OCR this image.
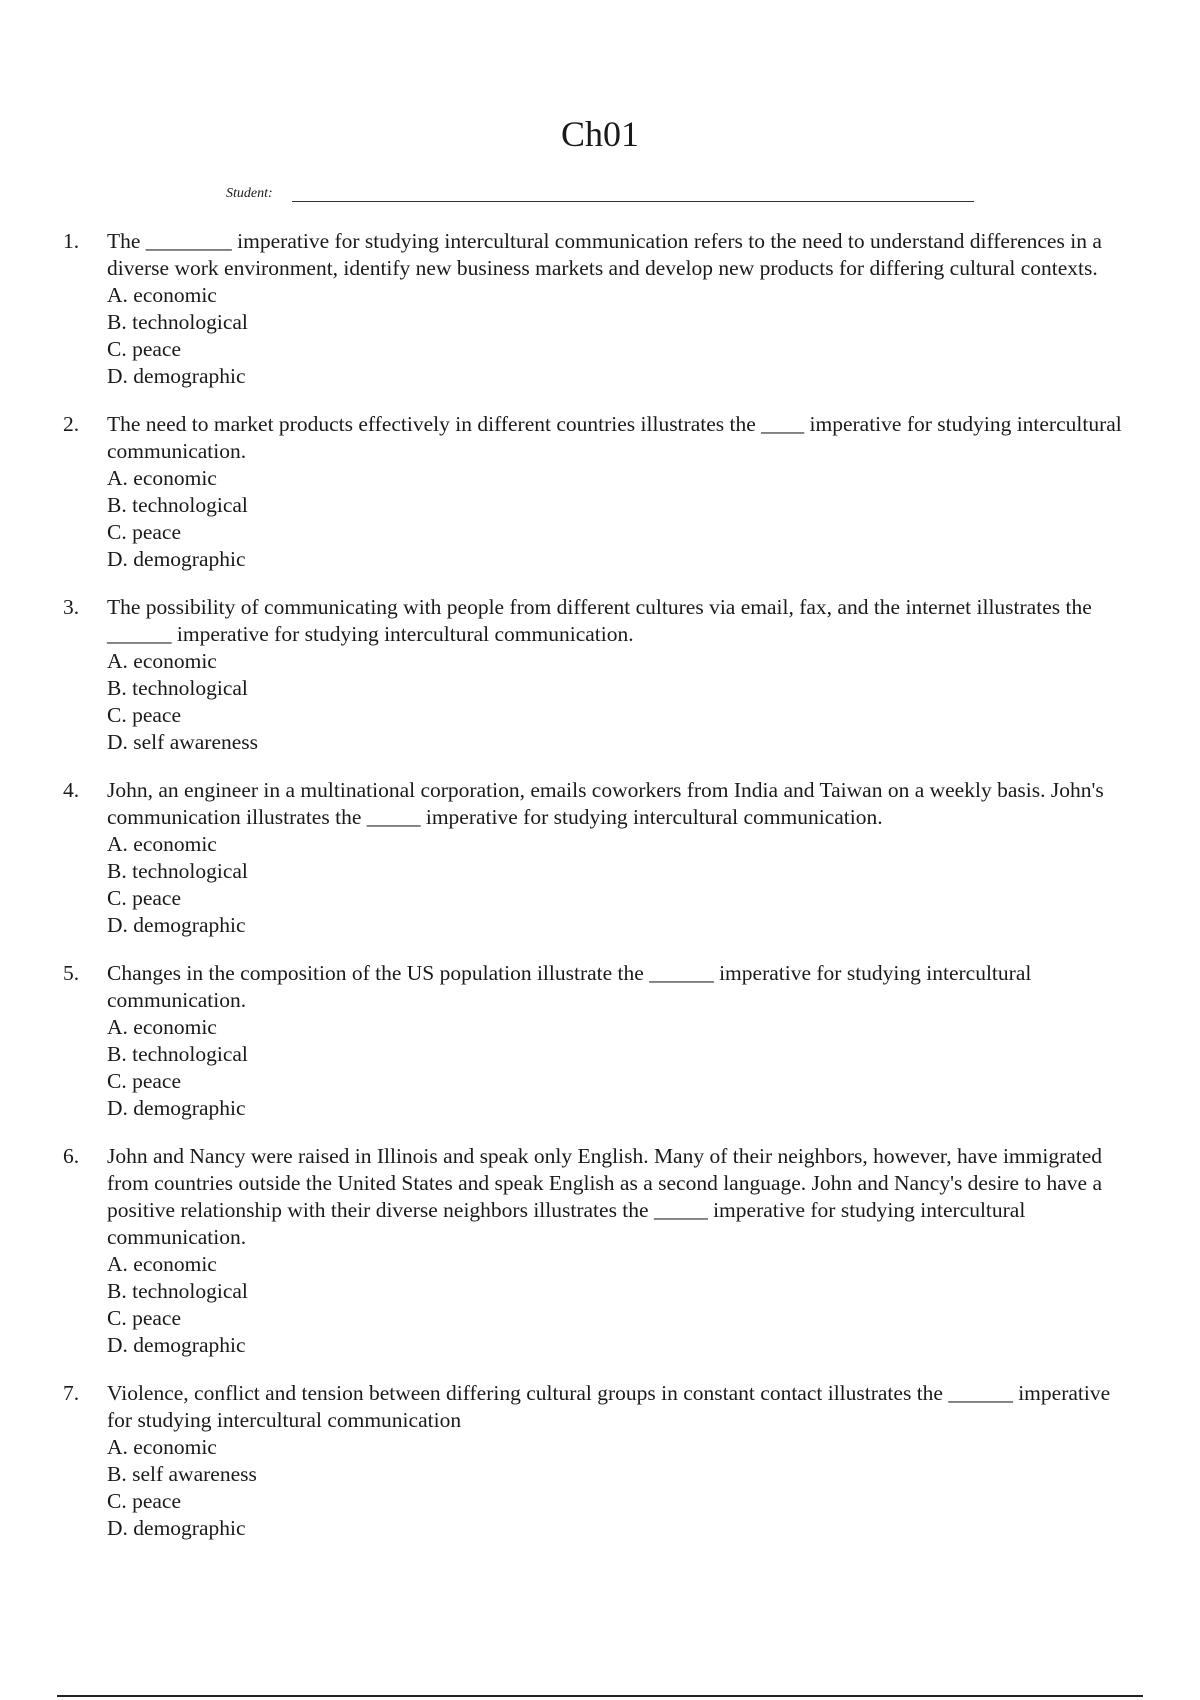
Ch01
Student:
1. The ________ imperative for studying intercultural communication refers to the need to understand differences in a diverse work environment, identify new business markets and develop new products for differing cultural contexts.

A. economic
B. technological
C. peace
D. demographic
2. The need to market products effectively in different countries illustrates the ____ imperative for studying intercultural communication.

A. economic
B. technological
C. peace
D. demographic
3. The possibility of communicating with people from different cultures via email, fax, and the internet illustrates the ______ imperative for studying intercultural communication.

A. economic
B. technological
C. peace
D. self awareness
4. John, an engineer in a multinational corporation, emails coworkers from India and Taiwan on a weekly basis. John's communication illustrates the _____ imperative for studying intercultural communication.

A. economic
B. technological
C. peace
D. demographic
5. Changes in the composition of the US population illustrate the ______ imperative for studying intercultural communication.

A. economic
B. technological
C. peace
D. demographic
6. John and Nancy were raised in Illinois and speak only English. Many of their neighbors, however, have immigrated from countries outside the United States and speak English as a second language. John and Nancy's desire to have a positive relationship with their diverse neighbors illustrates the _____ imperative for studying intercultural communication.

A. economic
B. technological
C. peace
D. demographic
7. Violence, conflict and tension between differing cultural groups in constant contact illustrates the ______ imperative for studying intercultural communication

A. economic
B. self awareness
C. peace
D. demographic
